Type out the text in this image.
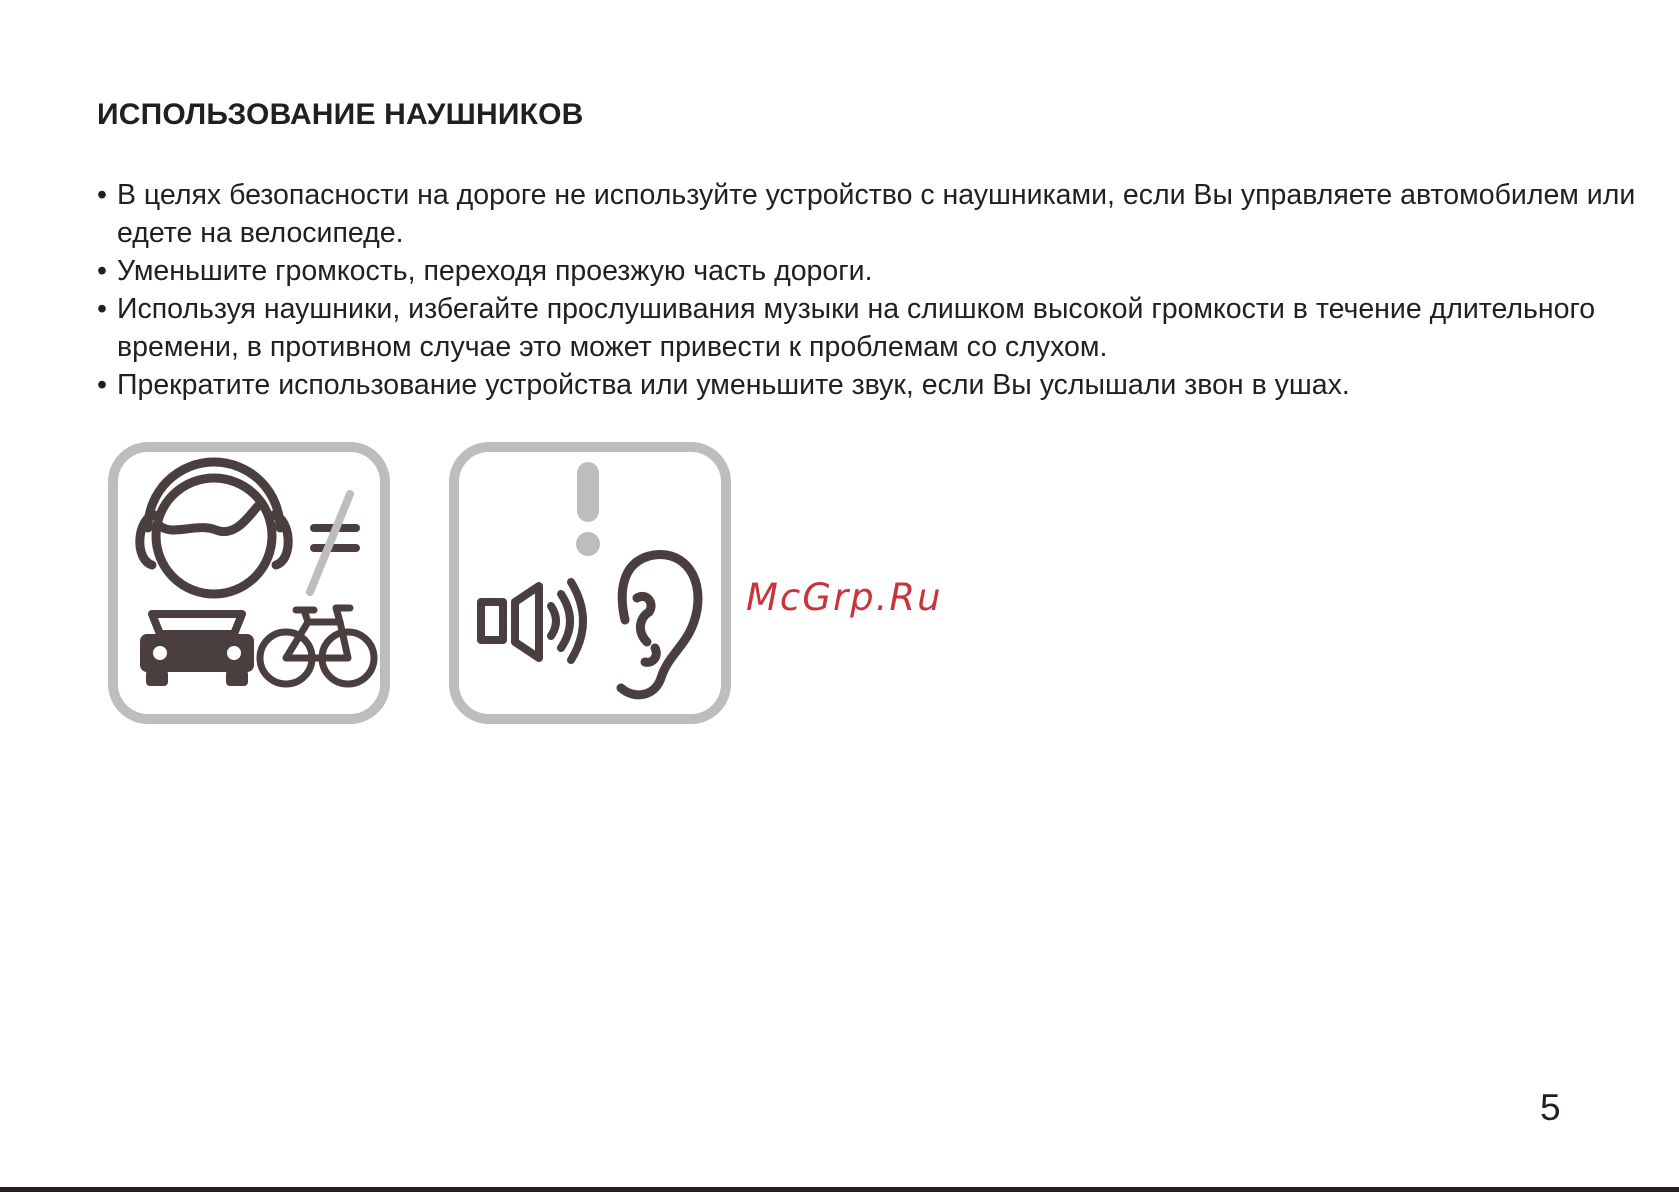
ИСПОЛЬЗОВАНИЕ НАУШНИКОВ
• В целях безопасности на дороге не используйте устройство с наушниками, если Вы управляете автомобилем или едете на велосипеде.
• Уменьшите громкость, переходя проезжую часть дороги.
• Используя наушники, избегайте прослушивания музыки на слишком высокой громкости в течение длительного времени, в противном случае это может привести к проблемам со слухом.
• Прекратите использование устройства или уменьшите звук, если Вы услышали звон в ушах.
McGrp.Ru
5
